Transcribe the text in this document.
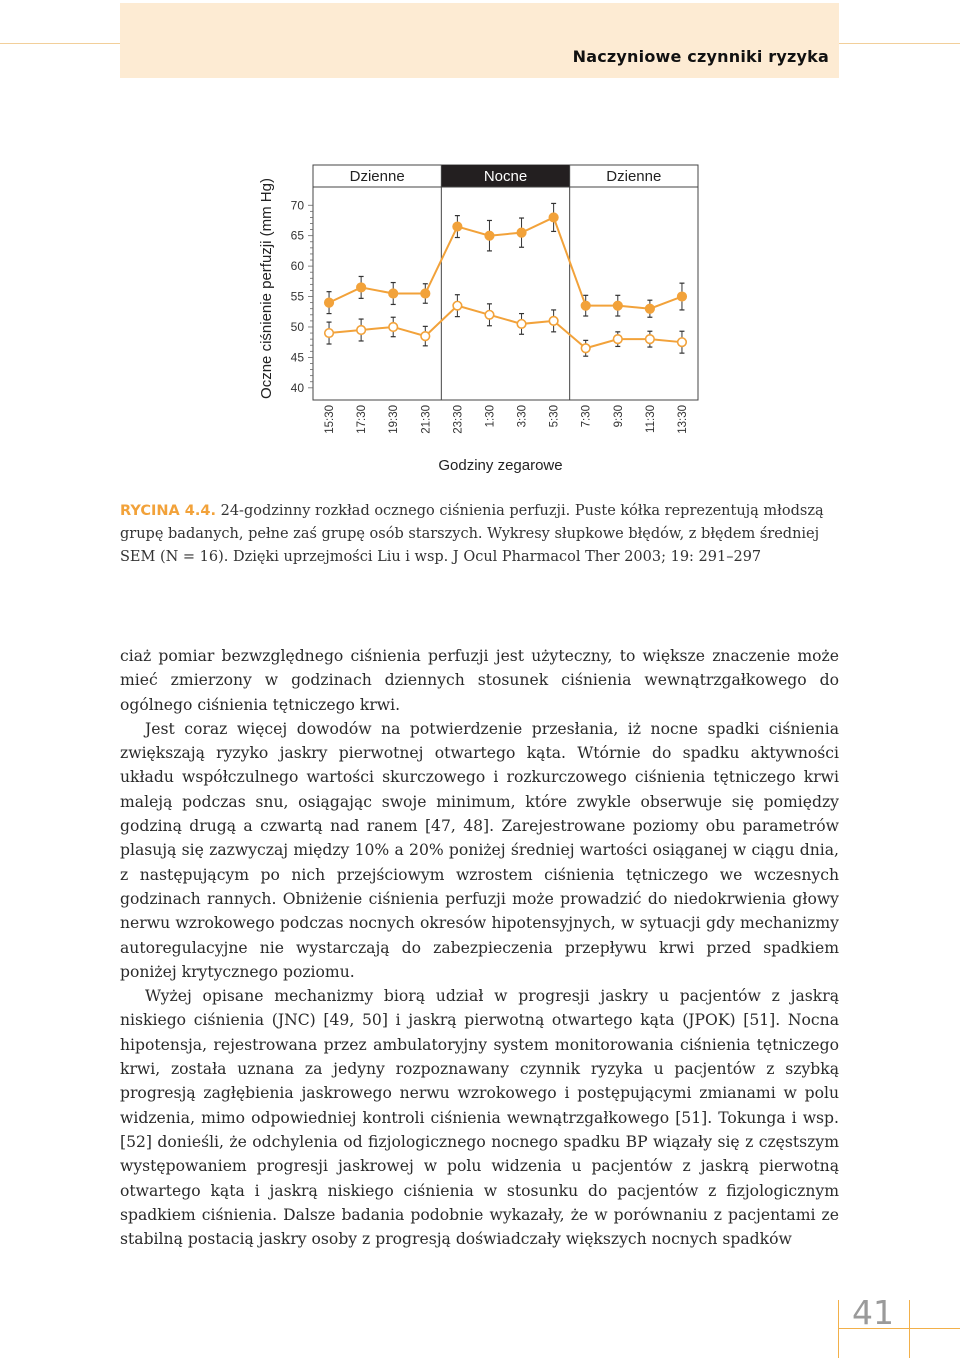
Naczyniowe czynniki ryzyka
Dzienne	Nocne	Dzienne
40
45
50
55
60
65
70
Oczne ciśnienie perfuzji (mm Hg)
15:30 17:30 19:30 21:30 23:30 1:30 3:30 5:30 7:30 9:30 11:30 13:30
Godziny zegarowe
RYCINA 4.4. 24-godzinny rozkład ocznego ciśnienia perfuzji. Puste kółka reprezentują młodszą grupę badanych, pełne zaś grupę osób starszych. Wykresy słupkowe błędów, z błędem średniej SEM (N = 16). Dzięki uprzejmości Liu i wsp. J Ocul Pharmacol Ther 2003; 19: 291–297

ciaż pomiar bezwzględnego ciśnienia perfuzji jest użyteczny, to większe znaczenie może mieć zmierzony w godzinach dziennych stosunek ciśnienia wewnątrzgałkowego do ogólnego ciśnienia tętniczego krwi.

Jest coraz więcej dowodów na potwierdzenie przesłania, iż nocne spadki ciśnienia zwiększają ryzyko jaskry pierwotnej otwartego kąta. Wtórnie do spadku aktywności układu współczulnego wartości skurczowego i rozkurczowego ciśnienia tętniczego krwi maleją podczas snu, osiągając swoje minimum, które zwykle obserwuje się pomiędzy godziną drugą a czwartą nad ranem [47, 48]. Zarejestrowane poziomy obu parametrów plasują się zazwyczaj między 10% a 20% poniżej średniej wartości osiąganej w ciągu dnia, z następującym po nich przejściowym wzrostem ciśnienia tętniczego we wczesnych godzinach rannych. Obniżenie ciśnienia perfuzji może prowadzić do niedokrwienia głowy nerwu wzrokowego podczas nocnych okresów hipotensyjnych, w sytuacji gdy mechanizmy autoregulacyjne nie wystarczają do zabezpieczenia przepływu krwi przed spadkiem poniżej krytycznego poziomu.

Wyżej opisane mechanizmy biorą udział w progresji jaskry u pacjentów z jaskrą niskiego ciśnienia (JNC) [49, 50] i jaskrą pierwotną otwartego kąta (JPOK) [51]. Nocna hipotensja, rejestrowana przez ambulatoryjny system monitorowania ciśnienia tętniczego krwi, została uznana za jedyny rozpoznawany czynnik ryzyka u pacjentów z szybką progresją zagłębienia jaskrowego nerwu wzrokowego i postępującymi zmianami w polu widzenia, mimo odpowiedniej kontroli ciśnienia wewnątrzgałkowego [51]. Tokunga i wsp. [52] donieśli, że odchylenia od fizjologicznego nocnego spadku BP wiązały się z częstszym występowaniem progresji jaskrowej w polu widzenia u pacjentów z jaskrą pierwotną otwartego kąta i jaskrą niskiego ciśnienia w stosunku do pacjentów z fizjologicznym spadkiem ciśnienia. Dalsze badania podobnie wykazały, że w porównaniu z pacjentami ze stabilną postacią jaskry osoby z progresją doświadczały większych nocnych spadków

41
